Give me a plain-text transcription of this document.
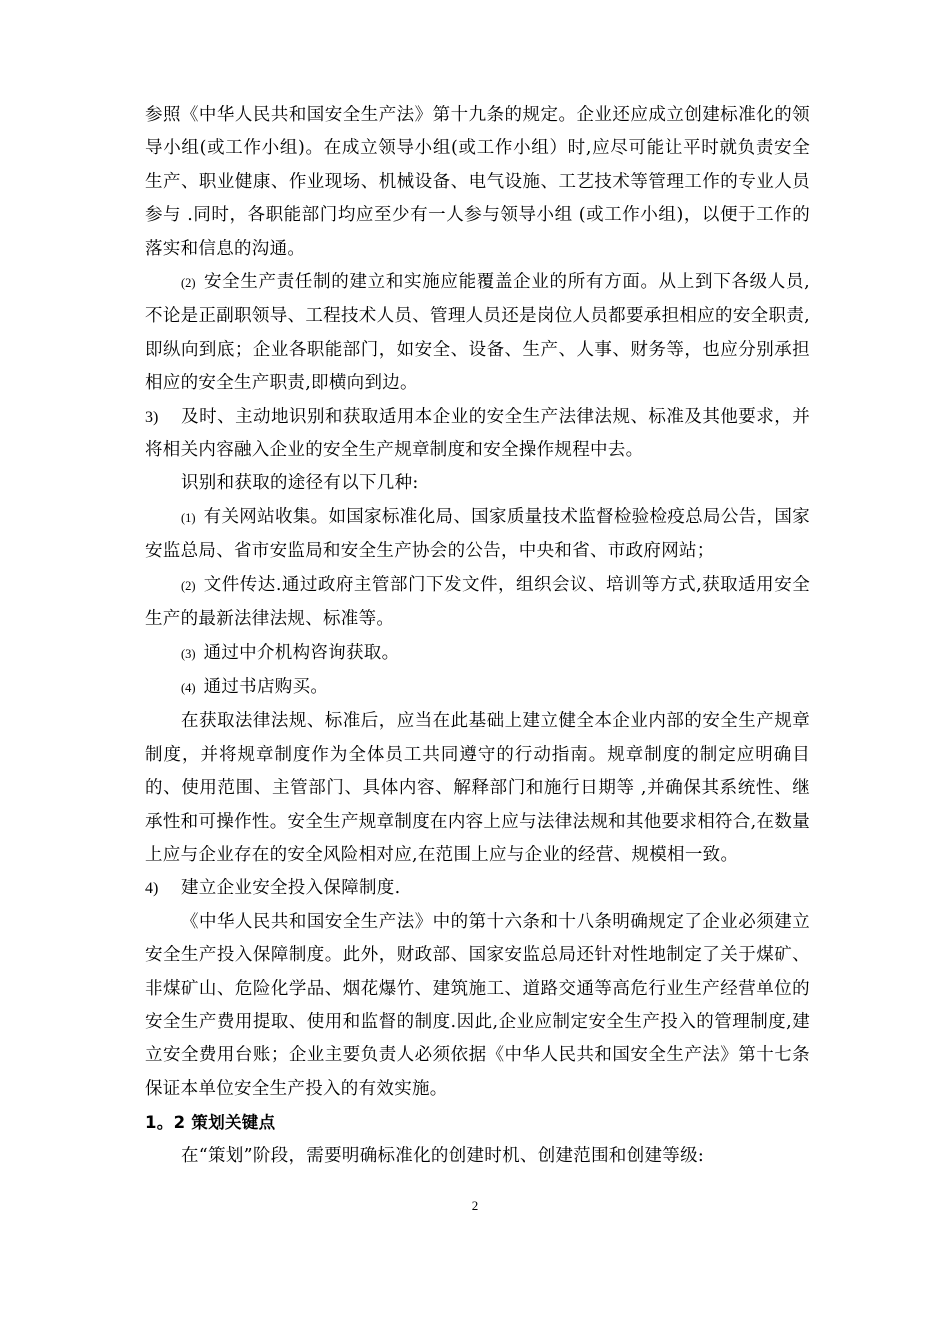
参照《中华人民共和国安全生产法》第十九条的规定。企业还应成立创建标准化的领导小组(或工作小组)。在成立领导小组(或工作小组）时,应尽可能让平时就负责安全生产、职业健康、作业现场、机械设备、电气设施、工艺技术等管理工作的专业人员参与 .同时，各职能部门均应至少有一人参与领导小组 (或工作小组)，以便于工作的落实和信息的沟通。

(2) 安全生产责任制的建立和实施应能覆盖企业的所有方面。从上到下各级人员,不论是正副职领导、工程技术人员、管理人员还是岗位人员都要承担相应的安全职责,即纵向到底；企业各职能部门，如安全、设备、生产、人事、财务等，也应分别承担相应的安全生产职责,即横向到边。

3) 及时、主动地识别和获取适用本企业的安全生产法律法规、标准及其他要求，并将相关内容融入企业的安全生产规章制度和安全操作规程中去。

识别和获取的途径有以下几种:

(1) 有关网站收集。如国家标准化局、国家质量技术监督检验检疫总局公告，国家安监总局、省市安监局和安全生产协会的公告，中央和省、市政府网站；

(2) 文件传达.通过政府主管部门下发文件，组织会议、培训等方式,获取适用安全生产的最新法律法规、标准等。

(3) 通过中介机构咨询获取。

(4) 通过书店购买。

在获取法律法规、标准后，应当在此基础上建立健全本企业内部的安全生产规章制度，并将规章制度作为全体员工共同遵守的行动指南。规章制度的制定应明确目的、使用范围、主管部门、具体内容、解释部门和施行日期等 ,并确保其系统性、继承性和可操作性。安全生产规章制度在内容上应与法律法规和其他要求相符合,在数量上应与企业存在的安全风险相对应,在范围上应与企业的经营、规模相一致。

4) 建立企业安全投入保障制度.

《中华人民共和国安全生产法》中的第十六条和十八条明确规定了企业必须建立安全生产投入保障制度。此外，财政部、国家安监总局还针对性地制定了关于煤矿、非煤矿山、危险化学品、烟花爆竹、建筑施工、道路交通等高危行业生产经营单位的安全生产费用提取、使用和监督的制度.因此,企业应制定安全生产投入的管理制度,建立安全费用台账；企业主要负责人必须依据《中华人民共和国安全生产法》第十七条保证本单位安全生产投入的有效实施。

1。2 策划关键点

在“策划”阶段，需要明确标准化的创建时机、创建范围和创建等级:

2
